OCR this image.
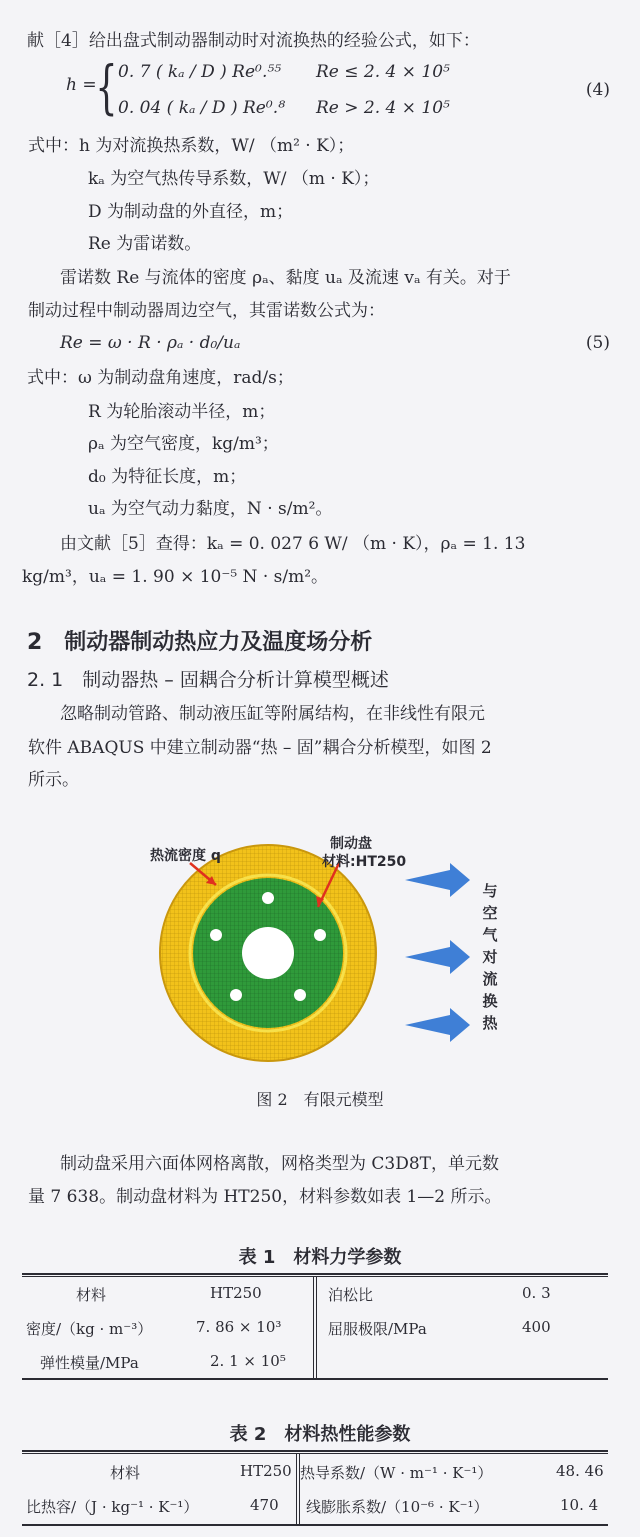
献［4］给出盘式制动器制动时对流换热的经验公式，如下：
h =
{ 0. 7 ( kₐ / D ) Re⁰․⁵⁵ Re ≤ 2. 4 × 10⁵
0. 04 ( kₐ / D ) Re⁰․⁸ Re > 2. 4 × 10⁵
(4)
式中：h 为对流换热系数，W/ （m² · K）；
kₐ 为空气热传导系数，W/ （m · K）；
D 为制动盘的外直径，m；
Re 为雷诺数。
雷诺数 Re 与流体的密度 ρₐ、黏度 uₐ 及流速 vₐ 有关。对于
制动过程中制动器周边空气，其雷诺数公式为：
Re = ω · R · ρₐ · d₀/uₐ	(5)
式中：ω 为制动盘角速度，rad/s；
R 为轮胎滚动半径，m；
ρₐ 为空气密度，kg/m³；
d₀ 为特征长度，m；
uₐ 为空气动力黏度，N · s/m²。
由文献［5］查得：kₐ = 0. 027 6 W/ （m · K），ρₐ = 1. 13
kg/m³，uₐ = 1. 90 × 10⁻⁵ N · s/m²。
2　制动器制动热应力及温度场分析
2. 1　制动器热 – 固耦合分析计算模型概述
忽略制动管路、制动液压缸等附属结构，在非线性有限元
软件 ABAQUS 中建立制动器“热 – 固”耦合分析模型，如图 2
所示。
热流密度 q
制动盘
材料:HT250
与
空
气
对
流
换
热
图 2　有限元模型
制动盘采用六面体网格离散，网格类型为 C3D8T，单元数
量 7 638。制动盘材料为 HT250，材料参数如表 1—2 所示。
表 1　材料力学参数
材料	HT250	泊松比	0. 3
密度/（kg · m⁻³）	7. 86 × 10³	屈服极限/MPa	400
弹性模量/MPa	2. 1 × 10⁵
表 2　材料热性能参数
材料	HT250 热导系数/（W · m⁻¹ · K⁻¹）	48. 46
比热容/（J · kg⁻¹ · K⁻¹）	470 线膨胀系数/（10⁻⁶ · K⁻¹）	10. 4
